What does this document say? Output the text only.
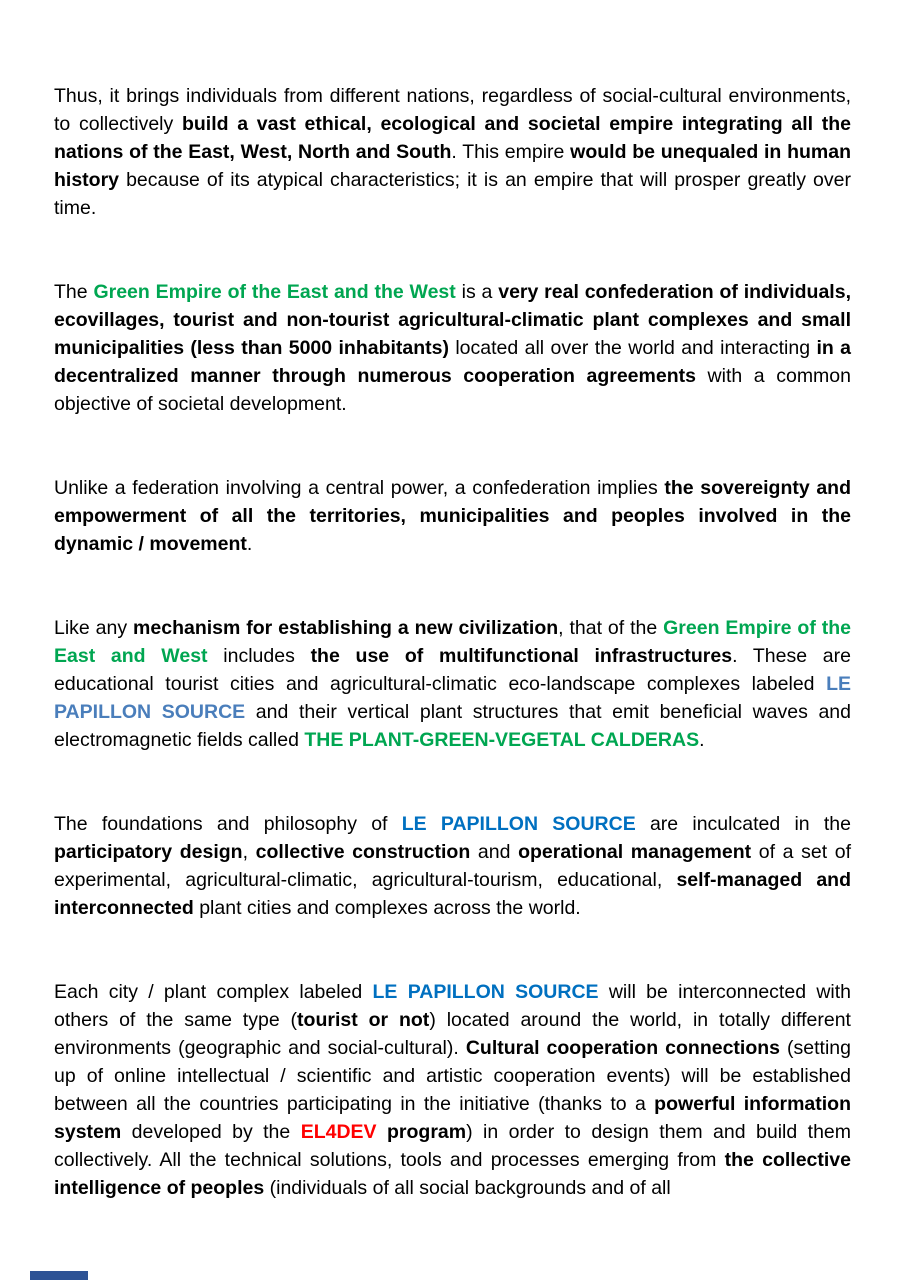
Thus, it brings individuals from different nations, regardless of social-cultural environments, to collectively build a vast ethical, ecological and societal empire integrating all the nations of the East, West, North and South. This empire would be unequaled in human history because of its atypical characteristics; it is an empire that will prosper greatly over time.

The Green Empire of the East and the West is a very real confederation of individuals, ecovillages, tourist and non-tourist agricultural-climatic plant complexes and small municipalities (less than 5000 inhabitants) located all over the world and interacting in a decentralized manner through numerous cooperation agreements with a common objective of societal development.

Unlike a federation involving a central power, a confederation implies the sovereignty and empowerment of all the territories, municipalities and peoples involved in the dynamic / movement.

Like any mechanism for establishing a new civilization, that of the Green Empire of the East and West includes the use of multifunctional infrastructures. These are educational tourist cities and agricultural-climatic eco-landscape complexes labeled LE PAPILLON SOURCE and their vertical plant structures that emit beneficial waves and electromagnetic fields called THE PLANT-GREEN-VEGETAL CALDERAS.

The foundations and philosophy of LE PAPILLON SOURCE are inculcated in the participatory design, collective construction and operational management of a set of experimental, agricultural-climatic, agricultural-tourism, educational, self-managed and interconnected plant cities and complexes across the world.

Each city / plant complex labeled LE PAPILLON SOURCE will be interconnected with others of the same type (tourist or not) located around the world, in totally different environments (geographic and social-cultural). Cultural cooperation connections (setting up of online intellectual / scientific and artistic cooperation events) will be established between all the countries participating in the initiative (thanks to a powerful information system developed by the EL4DEV program) in order to design them and build them collectively. All the technical solutions, tools and processes emerging from the collective intelligence of peoples (individuals of all social backgrounds and of all
